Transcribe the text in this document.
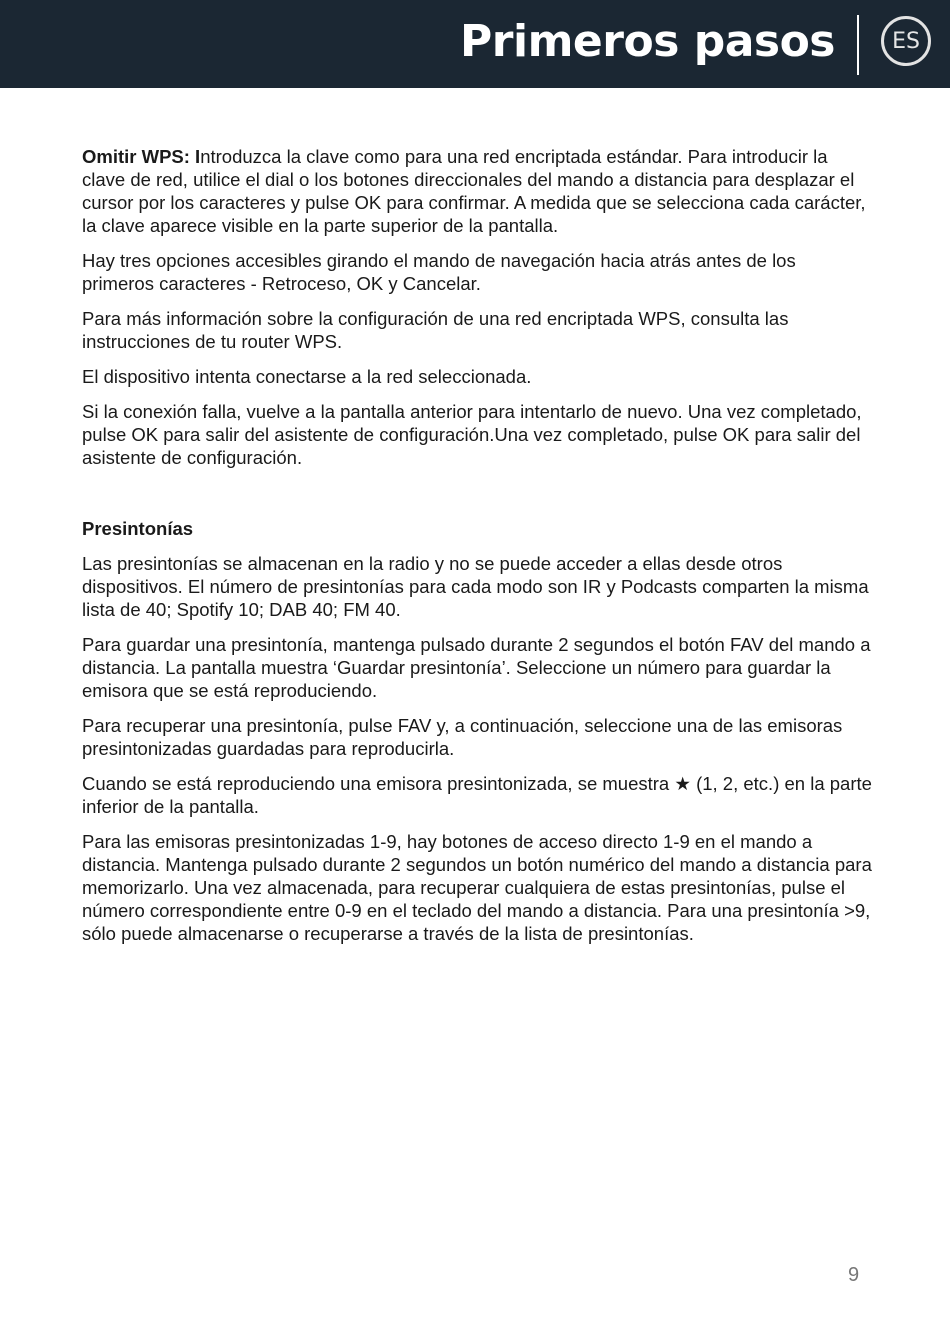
Primeros pasos	ES

Omitir WPS: Introduzca la clave como para una red encriptada estándar. Para introducir la clave de red, utilice el dial o los botones direccionales del mando a distancia para desplazar el cursor por los caracteres y pulse OK para confirmar. A medida que se selecciona cada carácter, la clave aparece visible en la parte superior de la pantalla.

Hay tres opciones accesibles girando el mando de navegación hacia atrás antes de los primeros caracteres - Retroceso, OK y Cancelar.

Para más información sobre la configuración de una red encriptada WPS, consulta las instrucciones de tu router WPS.

El dispositivo intenta conectarse a la red seleccionada.

Si la conexión falla, vuelve a la pantalla anterior para intentarlo de nuevo. Una vez completado, pulse OK para salir del asistente de configuración.Una vez completado, pulse OK para salir del asistente de configuración.

Presintonías

Las presintonías se almacenan en la radio y no se puede acceder a ellas desde otros dispositivos. El número de presintonías para cada modo son IR y Podcasts comparten la misma lista de 40; Spotify 10; DAB 40; FM 40.

Para guardar una presintonía, mantenga pulsado durante 2 segundos el botón FAV del mando a distancia. La pantalla muestra ‘Guardar presintonía’. Seleccione un número para guardar la emisora que se está reproduciendo.

Para recuperar una presintonía, pulse FAV y, a continuación, seleccione una de las emisoras presintonizadas guardadas para reproducirla.

Cuando se está reproduciendo una emisora presintonizada, se muestra ★ (1, 2, etc.) en la parte inferior de la pantalla.

Para las emisoras presintonizadas 1-9, hay botones de acceso directo 1-9 en el mando a distancia. Mantenga pulsado durante 2 segundos un botón numérico del mando a distancia para memorizarlo. Una vez almacenada, para recuperar cualquiera de estas presintonías, pulse el número correspondiente entre 0-9 en el teclado del mando a distancia. Para una presintonía >9, sólo puede almacenarse o recuperarse a través de la lista de presintonías.

9
